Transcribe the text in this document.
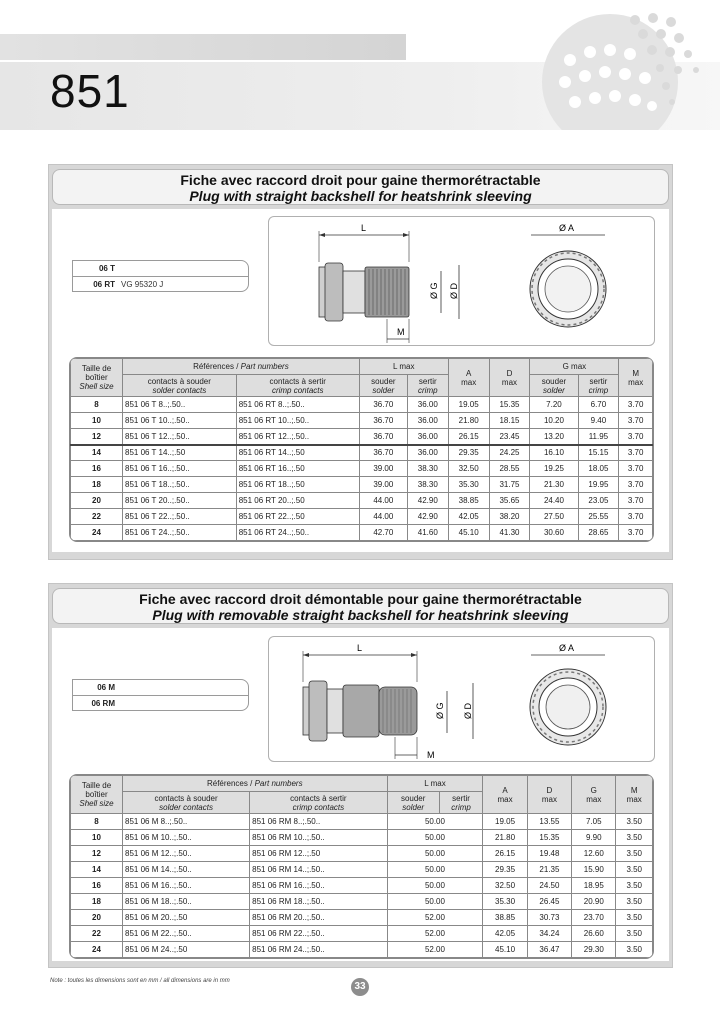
851
Fiche avec raccord droit pour gaine thermorétractable
Plug with straight backshell for heatshrink sleeving
06 T
06 RT VG 95320 J
L
Ø G Ø D
M
Ø A
Taille de boîtier
Shell size	Références / Part numbers		L max		A
max	D
max	G max		M
max
	contacts à souder
solder contacts	contacts à sertir
crimp contacts	souder
solder	sertir
crimp			souder
solder	sertir
crimp	
8	851 06 T 8..;.50..	851 06 RT 8..;.50..	36.70	36.00	19.05	15.35	7.20	6.70	3.70
10	851 06 T 10..;.50..	851 06 RT 10..;.50..	36.70	36.00	21.80	18.15	10.20	9.40	3.70
12	851 06 T 12..;.50..	851 06 RT 12..;.50..	36.70	36.00	26.15	23.45	13.20	11.95	3.70
14	851 06 T 14..;.50	851 06 RT 14..;.50	36.70	36.00	29.35	24.25	16.10	15.15	3.70
16	851 06 T 16..;.50..	851 06 RT 16..;.50	39.00	38.30	32.50	28.55	19.25	18.05	3.70
18	851 06 T 18..;.50..	851 06 RT 18..;.50	39.00	38.30	35.30	31.75	21.30	19.95	3.70
20	851 06 T 20..;.50..	851 06 RT 20..;.50	44.00	42.90	38.85	35.65	24.40	23.05	3.70
22	851 06 T 22..;.50..	851 06 RT 22..;.50	44.00	42.90	42.05	38.20	27.50	25.55	3.70
24	851 06 T 24..;.50..	851 06 RT 24..;.50..	42.70	41.60	45.10	41.30	30.60	28.65	3.70
Fiche avec raccord droit démontable pour gaine thermorétractable
Plug with removable straight backshell for heatshrink sleeving
06 M
06 RM
L
Ø G Ø D
M
Ø A
Taille de boîtier
Shell size	Références / Part numbers		L max		A
max	D
max	G
max	M
max
	contacts à souder
solder contacts	contacts à sertir
crimp contacts	souder
solder	sertir
crimp				
8	851 06 M 8..;.50..	851 06 RM 8..;.50..	50.00		19.05	13.55	7.05	3.50
10	851 06 M 10..;.50..	851 06 RM 10..;.50..	50.00		21.80	15.35	9.90	3.50
12	851 06 M 12..;.50..	851 06 RM 12..;.50	50.00		26.15	19.48	12.60	3.50
14	851 06 M 14..;.50..	851 06 RM 14..;.50..	50.00		29.35	21.35	15.90	3.50
16	851 06 M 16..;.50..	851 06 RM 16..;.50..	50.00		32.50	24.50	18.95	3.50
18	851 06 M 18..;.50..	851 06 RM 18..;.50..	50.00		35.30	26.45	20.90	3.50
20	851 06 M 20..;.50	851 06 RM 20..;.50..	52.00		38.85	30.73	23.70	3.50
22	851 06 M 22..;.50..	851 06 RM 22..;.50..	52.00		42.05	34.24	26.60	3.50
24	851 06 M 24..;.50	851 06 RM 24..;.50..	52.00		45.10	36.47	29.30	3.50
Note : toutes les dimensions sont en mm / all dimensions are in mm	33
